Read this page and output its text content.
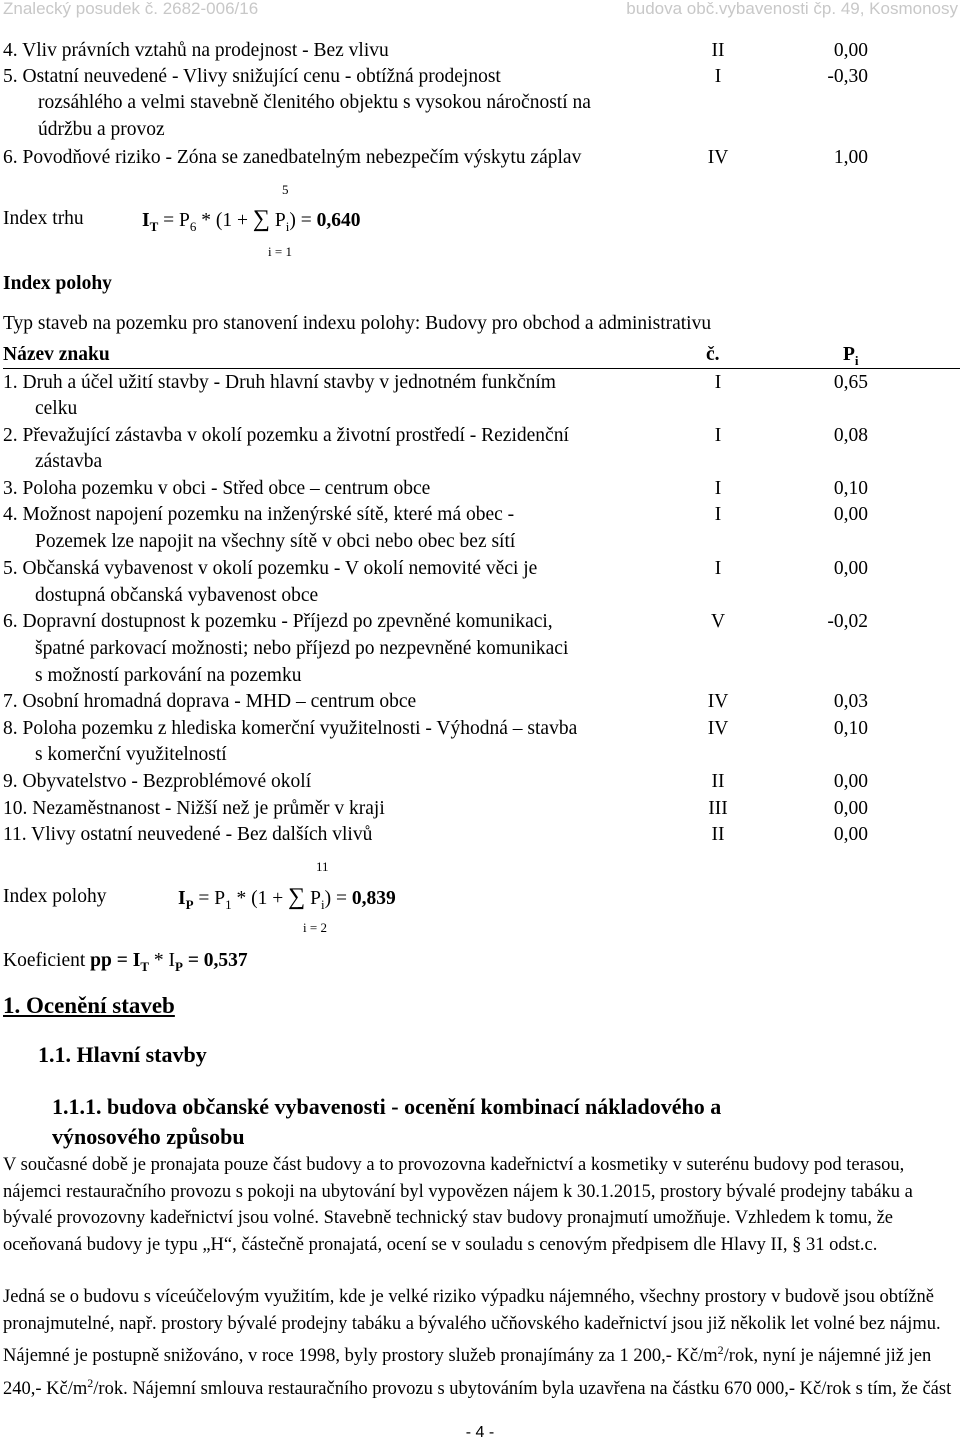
Znalecký posudek č. 2682-006/16	budova obč.vybavenosti čp. 49, Kosmonosy
4. Vliv právních vztahů na prodejnost - Bez vlivu	II	0,00
5. Ostatní neuvedené - Vlivy snižující cenu - obtížná prodejnost	I	-0,30
rozsáhlého a velmi stavebně členitého objektu s vysokou náročností na
údržbu a provoz
6. Povodňové riziko - Zóna se zanedbatelným nebezpečím výskytu záplav	IV	1,00
5
Index trhu	$I_T = P_6 * (1$ + ∑ $P_i) = 0,640$
i = 1
Index polohy
Typ staveb na pozemku pro stanovení indexu polohy: Budovy pro obchod a administrativu
Název znaku	č.	$P_i$
1. Druh a účel užití stavby - Druh hlavní stavby v jednotném funkčním	I	0,65
celku
2. Převažující zástavba v okolí pozemku a životní prostředí - Rezidenční	I	0,08
zástavba
3. Poloha pozemku v obci - Střed obce – centrum obce	I	0,10
4. Možnost napojení pozemku na inženýrské sítě, které má obec -	I	0,00
Pozemek lze napojit na všechny sítě v obci nebo obec bez sítí
5. Občanská vybavenost v okolí pozemku - V okolí nemovité věci je	I	0,00
dostupná občanská vybavenost obce
6. Dopravní dostupnost k pozemku - Příjezd po zpevněné komunikaci,	V	-0,02
špatné parkovací možnosti; nebo příjezd po nezpevněné komunikaci
s možností parkování na pozemku
7. Osobní hromadná doprava - MHD – centrum obce	IV	0,03
8. Poloha pozemku z hlediska komerční využitelnosti - Výhodná – stavba	IV	0,10
s komerční využitelností
9. Obyvatelstvo - Bezproblémové okolí	II	0,00
10. Nezaměstnanost - Nižší než je průměr v kraji	III	0,00
11. Vlivy ostatní neuvedené - Bez dalších vlivů	II	0,00
11
Index polohy	$I_P = P_1 * (1$ + ∑ $P_i) = 0,839$
i = 2
Koeficient pp = $I_T * I_P = 0,537$
1. Ocenění staveb
1.1. Hlavní stavby
1.1.1. budova občanské vybavenosti - ocenění kombinací nákladového a
výnosového způsobu
V současné době je pronajata pouze část budovy a to provozovna kadeřnictví a kosmetiky v suterénu budovy pod terasou, nájemci restauračního provozu s pokoji na ubytování byl vypovězen nájem k 30.1.2015, prostory bývalé prodejny tabáku a bývalé provozovny kadeřnictví jsou volné. Stavebně technický stav budovy pronajmutí umožňuje. Vzhledem k tomu, že oceňovaná budovy je typu „H“, částečně pronajatá, ocení se v souladu s cenovým předpisem dle Hlavy II, § 31 odst.c.
Jedná se o budovu s víceúčelovým využitím, kde je velké riziko výpadku nájemného, všechny prostory v budově jsou obtížně pronajmutelné, např. prostory bývalé prodejny tabáku a bývalého učňovského kadeřnictví jsou již několik let volné bez nájmu. Nájemné je postupně snižováno, v roce 1998, byly prostory služeb pronajímány za 1 200,- $Kč/m^2$/rok, nyní je nájemné již jen 240,- $Kč/m^2$/rok. Nájemní smlouva restauračního provozu s ubytováním byla uzavřena na částku 670 000,- Kč/rok s tím, že část
- 4 -
